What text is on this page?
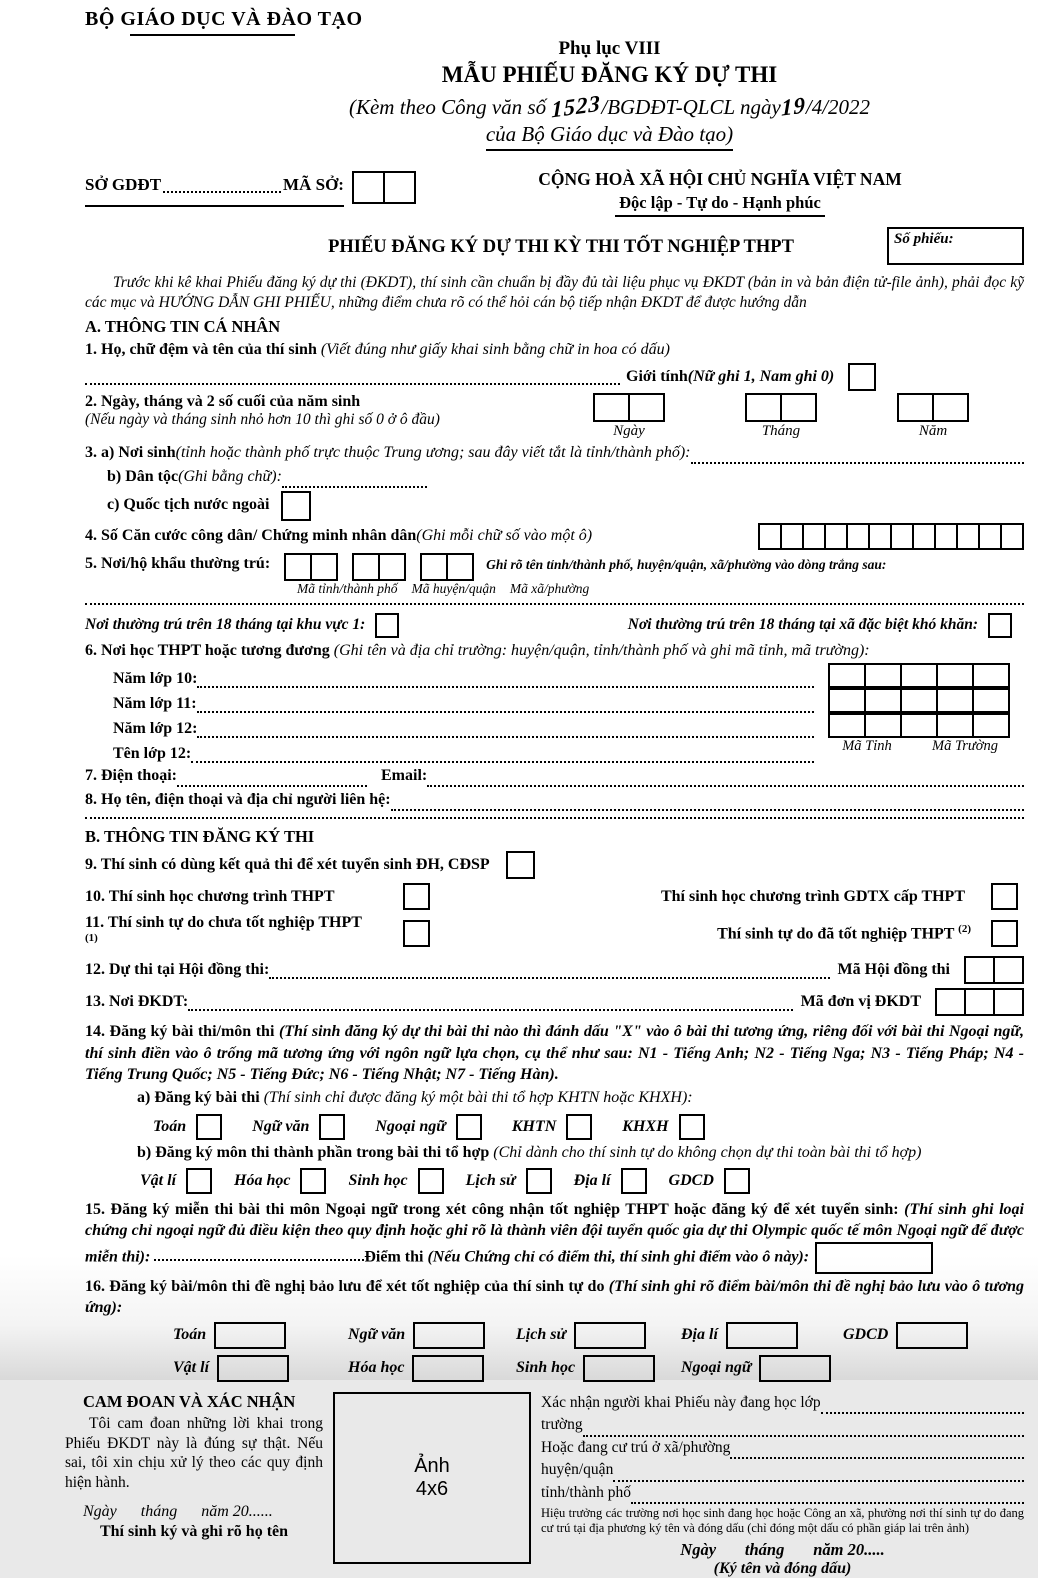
BỘ GIÁO DỤC VÀ ĐÀO TẠO
Phụ lục VIII
MẪU PHIẾU ĐĂNG KÝ DỰ THI
(Kèm theo Công văn số 1523/BGDĐT-QLCL ngày19/4/2022
của Bộ Giáo dục và Đào tạo)
SỞ GDĐT	MÃ SỞ:	CỘNG HOÀ XÃ HỘI CHỦ NGHĨA VIỆT NAM
Độc lập - Tự do - Hạnh phúc
PHIẾU ĐĂNG KÝ DỰ THI KỲ THI TỐT NGHIỆP THPT	Số phiếu:
Trước khi kê khai Phiếu đăng ký dự thi (ĐKDT), thí sinh cần chuẩn bị đầy đủ tài liệu phục vụ ĐKDT (bản in và bản điện tử-file ảnh), phải đọc kỹ các mục và HƯỚNG DẪN GHI PHIẾU, những điểm chưa rõ có thể hỏi cán bộ tiếp nhận ĐKDT để được hướng dẫn
A. THÔNG TIN CÁ NHÂN
1. Họ, chữ đệm và tên của thí sinh (Viết đúng như giấy khai sinh bằng chữ in hoa có dấu)
Giới tính (Nữ ghi 1, Nam ghi 0)
2. Ngày, tháng và 2 số cuối của năm sinh
(Nếu ngày và tháng sinh nhỏ hơn 10 thì ghi số 0 ở ô đầu)
Ngày	Tháng	Năm
3. a) Nơi sinh (tỉnh hoặc thành phố trực thuộc Trung ương; sau đây viết tắt là tỉnh/thành phố):
b) Dân tộc (Ghi bằng chữ):
c) Quốc tịch nước ngoài
4. Số Căn cước công dân/ Chứng minh nhân dân (Ghi mỗi chữ số vào một ô)
5. Nơi/hộ khẩu thường trú:	Ghi rõ tên tỉnh/thành phố, huyện/quận, xã/phường vào dòng trắng sau:
Mã tỉnh/thành phố Mã huyện/quận Mã xã/phường
Nơi thường trú trên 18 tháng tại khu vực 1:	Nơi thường trú trên 18 tháng tại xã đặc biệt khó khăn:
6. Nơi học THPT hoặc tương đương (Ghi tên và địa chỉ trường: huyện/quận, tỉnh/thành phố và ghi mã tỉnh, mã trường):
Năm lớp 10:
Năm lớp 11:
Năm lớp 12:
Tên lớp 12:	Mã Tỉnh	Mã Trường
7. Điện thoại:	Email:
8. Họ tên, điện thoại và địa chỉ người liên hệ:
B. THÔNG TIN ĐĂNG KÝ THI
9. Thí sinh có dùng kết quả thi để xét tuyển sinh ĐH, CĐSP
10. Thí sinh học chương trình THPT	Thí sinh học chương trình GDTX cấp THPT
11. Thí sinh tự do chưa tốt nghiệp THPT $^{(1)}$	Thí sinh tự do đã tốt nghiệp THPT $^{(2)}$
12. Dự thi tại Hội đồng thi:	Mã Hội đồng thi
13. Nơi ĐKDT:	Mã đơn vị ĐKDT
14. Đăng ký bài thi/môn thi (Thí sinh đăng ký dự thi bài thi nào thì đánh dấu "X" vào ô bài thi tương ứng, riêng đối với bài thi Ngoại ngữ, thí sinh điền vào ô trống mã tương ứng với ngôn ngữ lựa chọn, cụ thể như sau: N1 - Tiếng Anh; N2 - Tiếng Nga; N3 - Tiếng Pháp; N4 - Tiếng Trung Quốc; N5 - Tiếng Đức; N6 - Tiếng Nhật; N7 - Tiếng Hàn).
a) Đăng ký bài thi (Thí sinh chỉ được đăng ký một bài thi tổ hợp KHTN hoặc KHXH):
Toán	Ngữ văn	Ngoại ngữ	KHTN	KHXH
b) Đăng ký môn thi thành phần trong bài thi tổ hợp (Chỉ dành cho thí sinh tự do không chọn dự thi toàn bài thi tổ hợp)
Vật lí	Hóa học	Sinh học	Lịch sử	Địa lí	GDCD
15. Đăng ký miễn thi bài thi môn Ngoại ngữ trong xét công nhận tốt nghiệp THPT hoặc đăng ký để xét tuyển sinh: (Thí sinh ghi loại chứng chỉ ngoại ngữ đủ điều kiện theo quy định hoặc ghi rõ là thành viên đội tuyển quốc gia dự thi Olympic quốc tế môn Ngoại ngữ để được miễn thi):	Điểm thi (Nếu Chứng chỉ có điểm thi, thí sinh ghi điểm vào ô này):
16. Đăng ký bài/môn thi đề nghị bảo lưu để xét tốt nghiệp của thí sinh tự do (Thí sinh ghi rõ điểm bài/môn thi đề nghị bảo lưu vào ô tương ứng):
Toán	Ngữ văn	Lịch sử	Địa lí	GDCD
Vật lí	Hóa học	Sinh học	Ngoại ngữ
CAM ĐOAN VÀ XÁC NHẬN

Tôi cam đoan những lời khai trong Phiếu ĐKDT này là đúng sự thật. Nếu sai, tôi xin chịu xử lý theo các quy định hiện hành.

Ngày      tháng      năm 20......
Thí sinh ký và ghi rõ họ tên
Ảnh
4x6
Xác nhận người khai Phiếu này đang học lớp
trường
Hoặc đang cư trú ở xã/phường
huyện/quận
tỉnh/thành phố
Hiệu trưởng các trường nơi học sinh đang học hoặc Công an xã, phường nơi thí sinh tự do đang cư trú tại địa phương ký tên và đóng dấu (chỉ đóng một dấu có phần giáp lai trên ảnh)
Ngày       tháng       năm 20.....
(Ký tên và đóng dấu)
